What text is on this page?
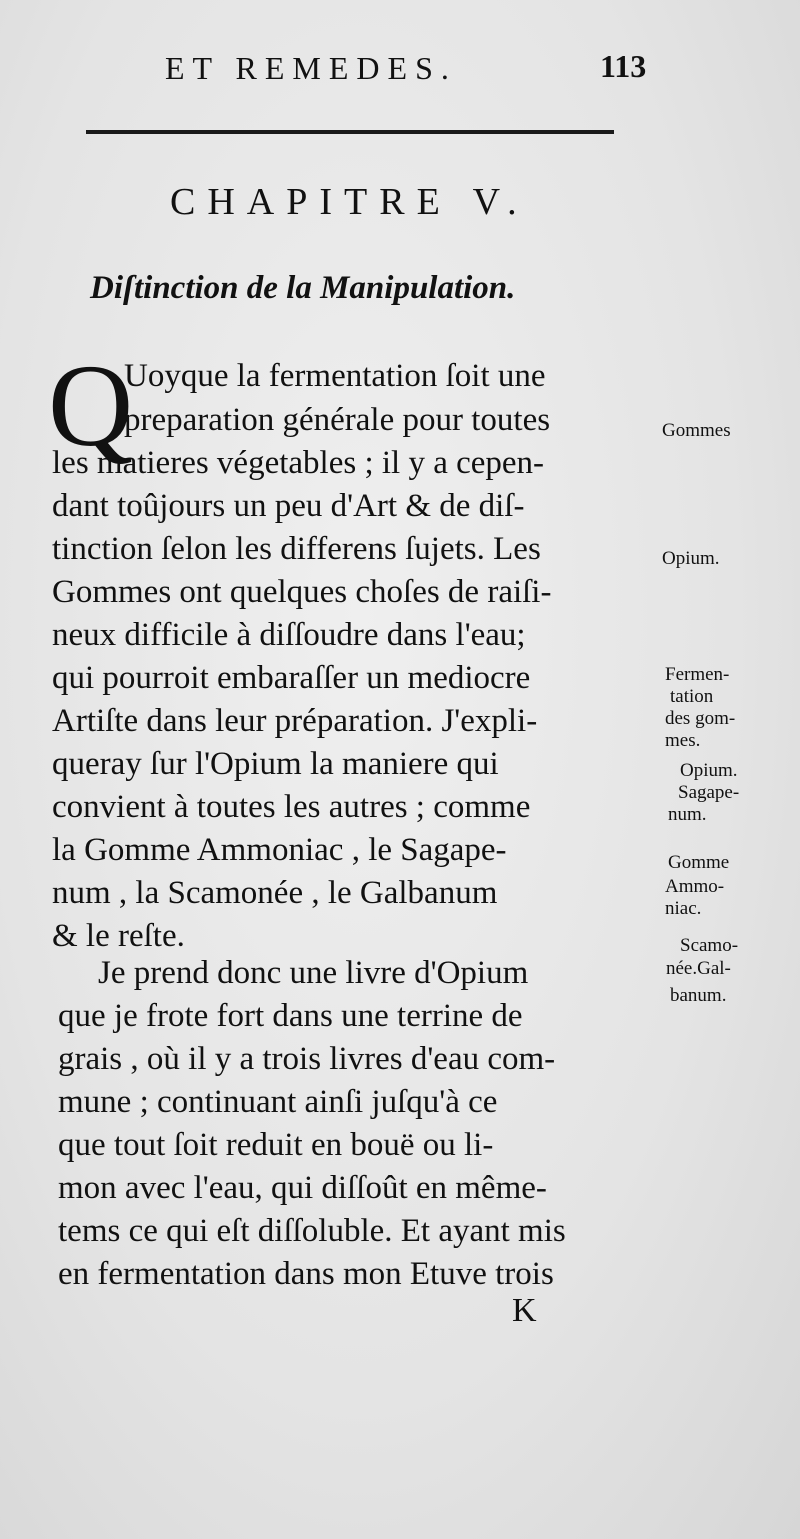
ET REMEDES.	113
CHAPITRE V.
Diſtinction de la Manipulation.
Q
Uoyque la fermentation ſoit une
preparation générale pour toutes
les matieres végetables ; il y a cepen-
dant toûjours un peu d'Art & de diſ-
tinction ſelon les differens ſujets. Les
Gommes ont quelques choſes de raiſi-
neux difficile à diſſoudre dans l'eau;
qui pourroit embaraſſer un mediocre
Artiſte dans leur préparation. J'expli-
queray ſur l'Opium la maniere qui
convient à toutes les autres ; comme
la Gomme Ammoniac , le Sagape-
num , la Scamonée , le Galbanum
& le reſte.
Je prend donc une livre d'Opium
que je frote fort dans une terrine de
grais , où il y a trois livres d'eau com-
mune ; continuant ainſi juſqu'à ce
que tout ſoit reduit en bouë ou li-
mon avec l'eau, qui diſſoût en même-
tems ce qui eſt diſſoluble. Et ayant mis
en fermentation dans mon Etuve trois
Gommes
Opium.
Fermen-
tation
des gom-
mes.
Opium.
Sagape-
num.
Gomme
Ammo-
niac.
Scamo-
née.Gal-
banum.
K
